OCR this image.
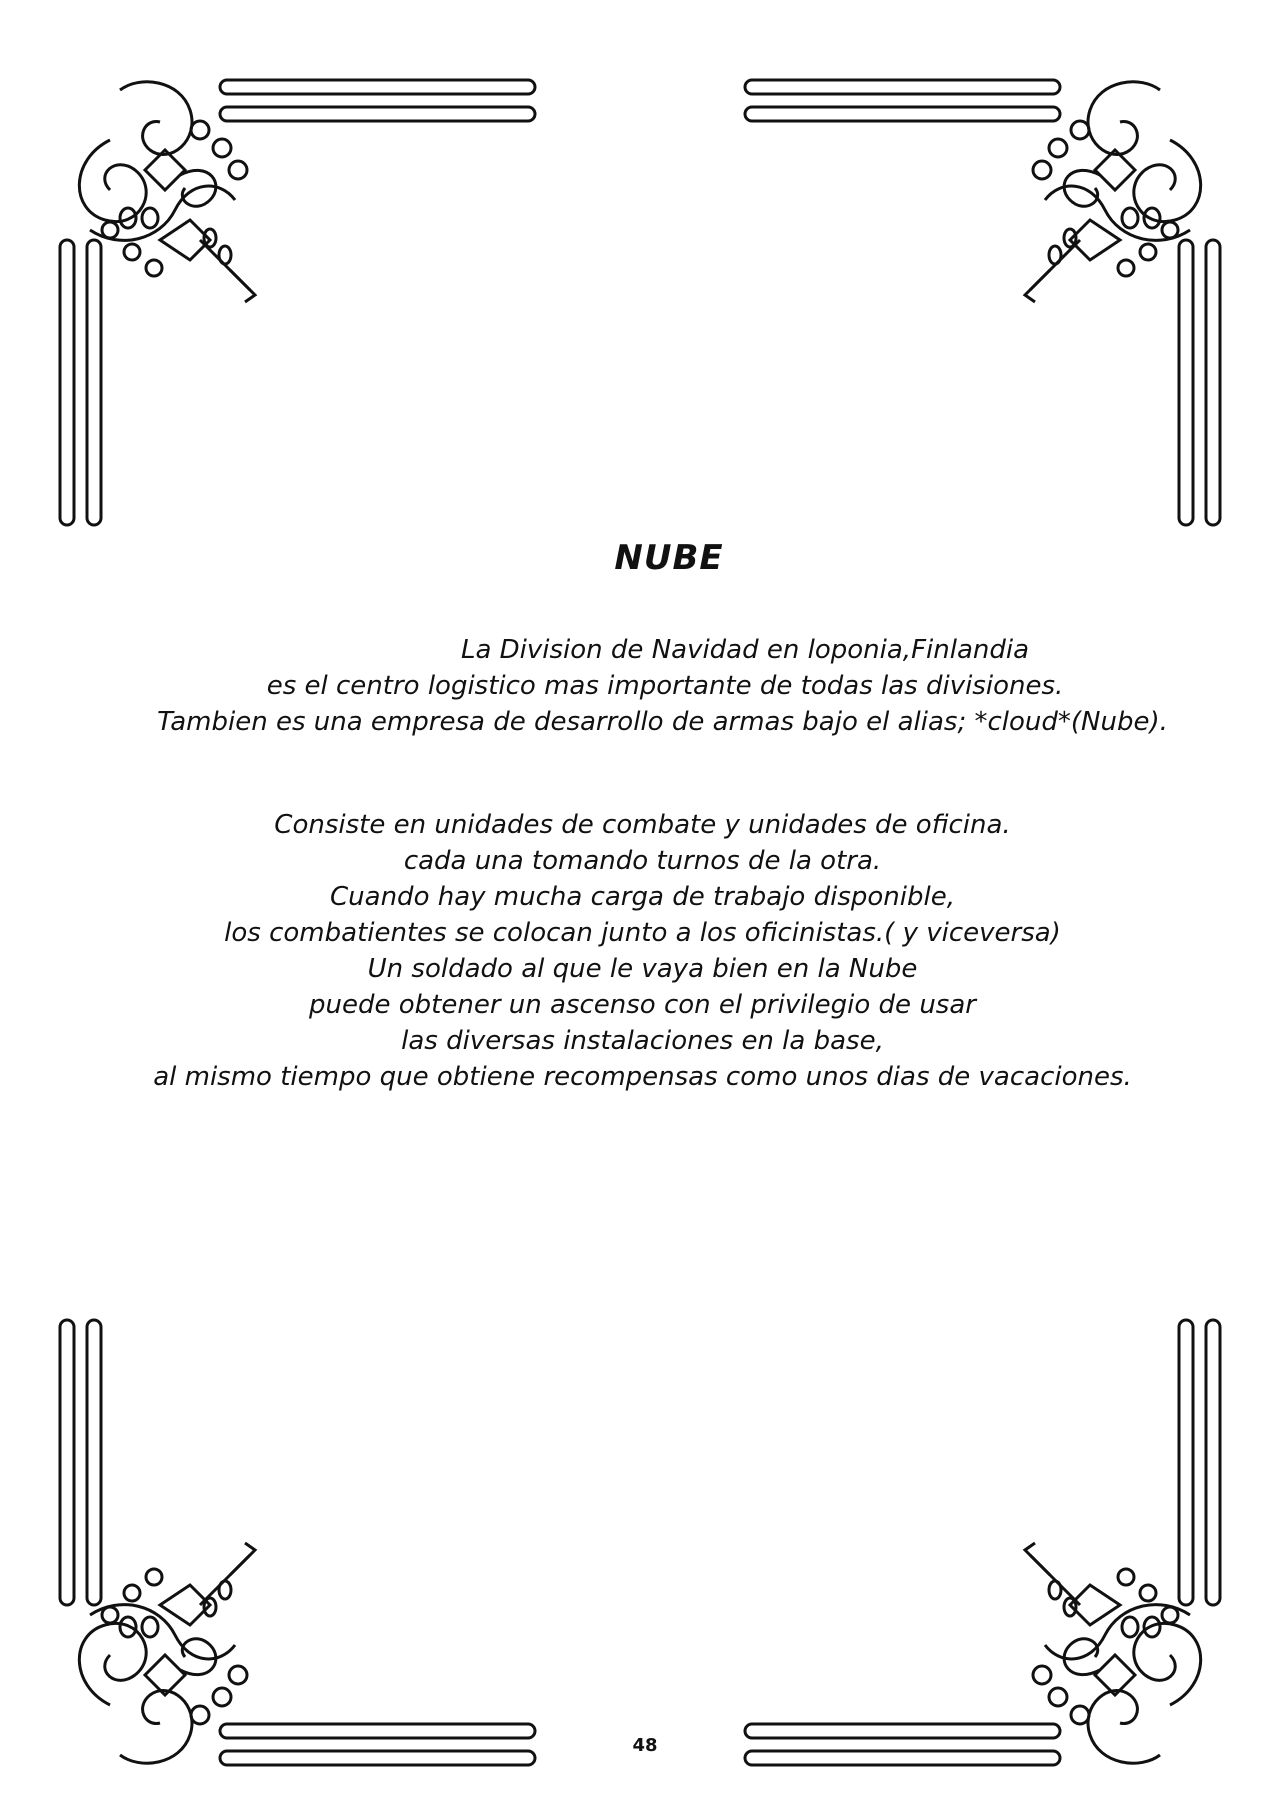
NUBE

La Division de Navidad en loponia,Finlandia

es el centro logistico mas importante de todas las divisiones.

Tambien es una empresa de desarrollo de armas bajo el alias; *cloud*(Nube).

Consiste en unidades de combate y unidades de oficina.

cada una tomando turnos de la otra.

Cuando hay mucha carga de trabajo disponible,

los combatientes se colocan junto a los oficinistas.( y viceversa)

Un soldado al que le vaya bien en la Nube

puede obtener un ascenso con el privilegio de usar

las diversas instalaciones en la base,

al mismo tiempo que obtiene recompensas como unos dias de vacaciones.

48
